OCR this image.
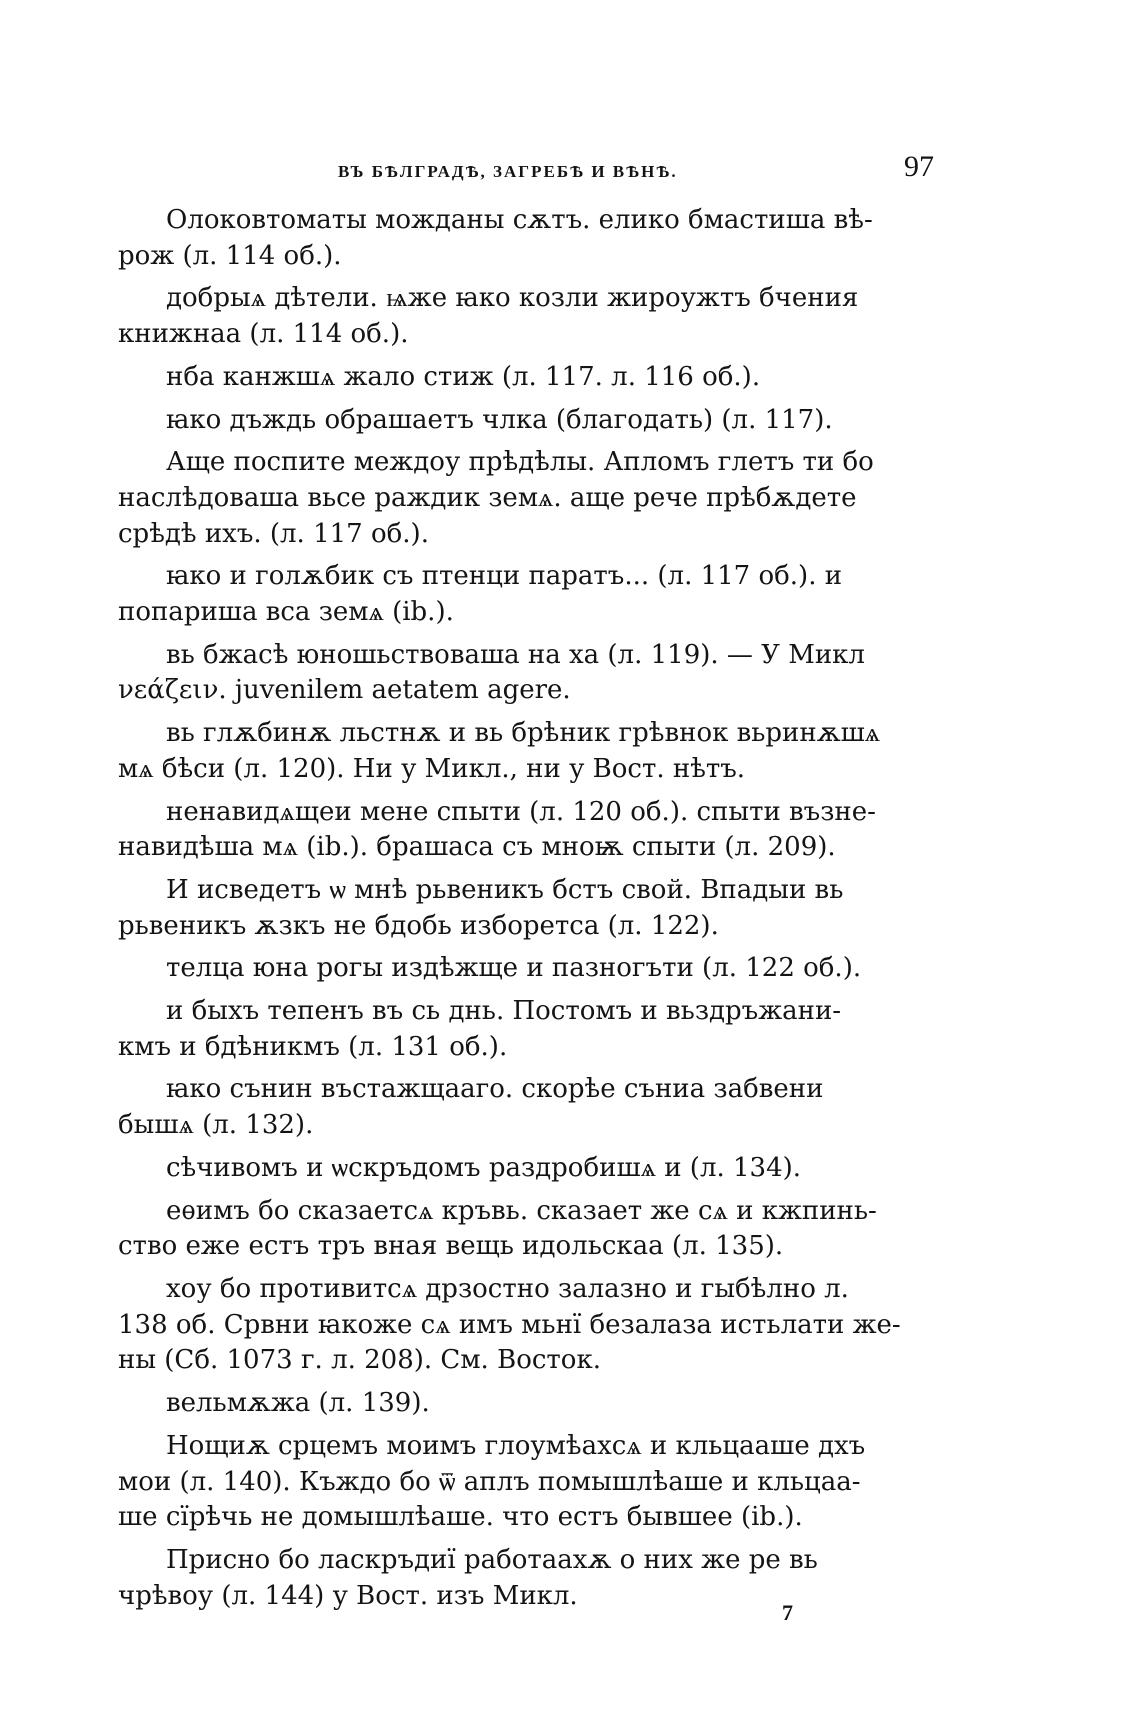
ВЪ БѢЛГРАДѢ, ЗАГРЕБѢ И ВѢНѢ.	97

Олоковтоматы можданы сѫтъ. елико бмастиша вѣ-
рож (л. 114 об.).

добрыѧ дѣтели. ѩже ꙗко козли жироужтъ бчения
книжнаа (л. 114 об.).

нба канжшѧ жало стиж (л. 117. л. 116 об.).

ꙗко дъждь обрашаетъ члка (благодать) (л. 117).

Аще поспите междоу прѣдѣлы. Апломъ глетъ ти бо
наслѣдоваша вьсе раждик земѧ. аще рече прѣбѫдете
срѣдѣ ихъ. (л. 117 об.).

ꙗко и голѫбик съ птенци паратъ... (л. 117 об.). и
попариша вса земѧ (ib.).

вь бжасѣ юношьствоваша на ха (л. 119). — У Микл
νεάζειν. juvenilem aetatem agere.

вь глѫбинѫ льстнѫ и вь брѣник грѣвнок вьринѫшѧ
мѧ бѣси (л. 120). Ни у Микл., ни у Вост. нѣтъ.

ненавидѧщеи мене спыти (л. 120 об.). спыти възне-
навидѣша мѧ (ib.). брашаса съ мноѭ спыти (л. 209).

И исведетъ ѡ мнѣ рьвеникъ бстъ свой. Впадыи вь
рьвеникъ ѫзкъ не бдобь изборетса (л. 122).

телца юна рогы издѣжще и пазногъти (л. 122 об.).

и быхъ тепенъ въ сь днь. Постомъ и вьздръжани-
кмъ и бдѣникмъ (л. 131 об.).

ꙗко сънин въстажщааго. скорѣе съниа забвени
бышѧ (л. 132).

сѣчивомъ и ѡскръдомъ раздробишѧ и (л. 134).

еѳимъ бо сказаетсѧ кръвь. сказает же сѧ и кжпинь-
ство еже естъ тръ вная вещь идольскаа (л. 135).

хоу бо противитсѧ дрзостно залазно и гыбѣлно л.
138 об. Срвни ꙗкоже сѧ имъ мьнї безалаза истьлати же-
ны (Сб. 1073 г. л. 208). См. Восток.

вельмѫжа (л. 139).

Нощиѫ срцемъ моимъ глоумѣахсѧ и кльцааше дхъ
мои (л. 140). Къждо бо ѿ аплъ помышлѣаше и кльцаа-
ше сїрѣчь не домышлѣаше. что естъ бывшее (ib.).

Присно бо ласкръдиї работаахѫ о них же ре вь
чрѣвоу (л. 144) у Вост. изъ Микл.

7
